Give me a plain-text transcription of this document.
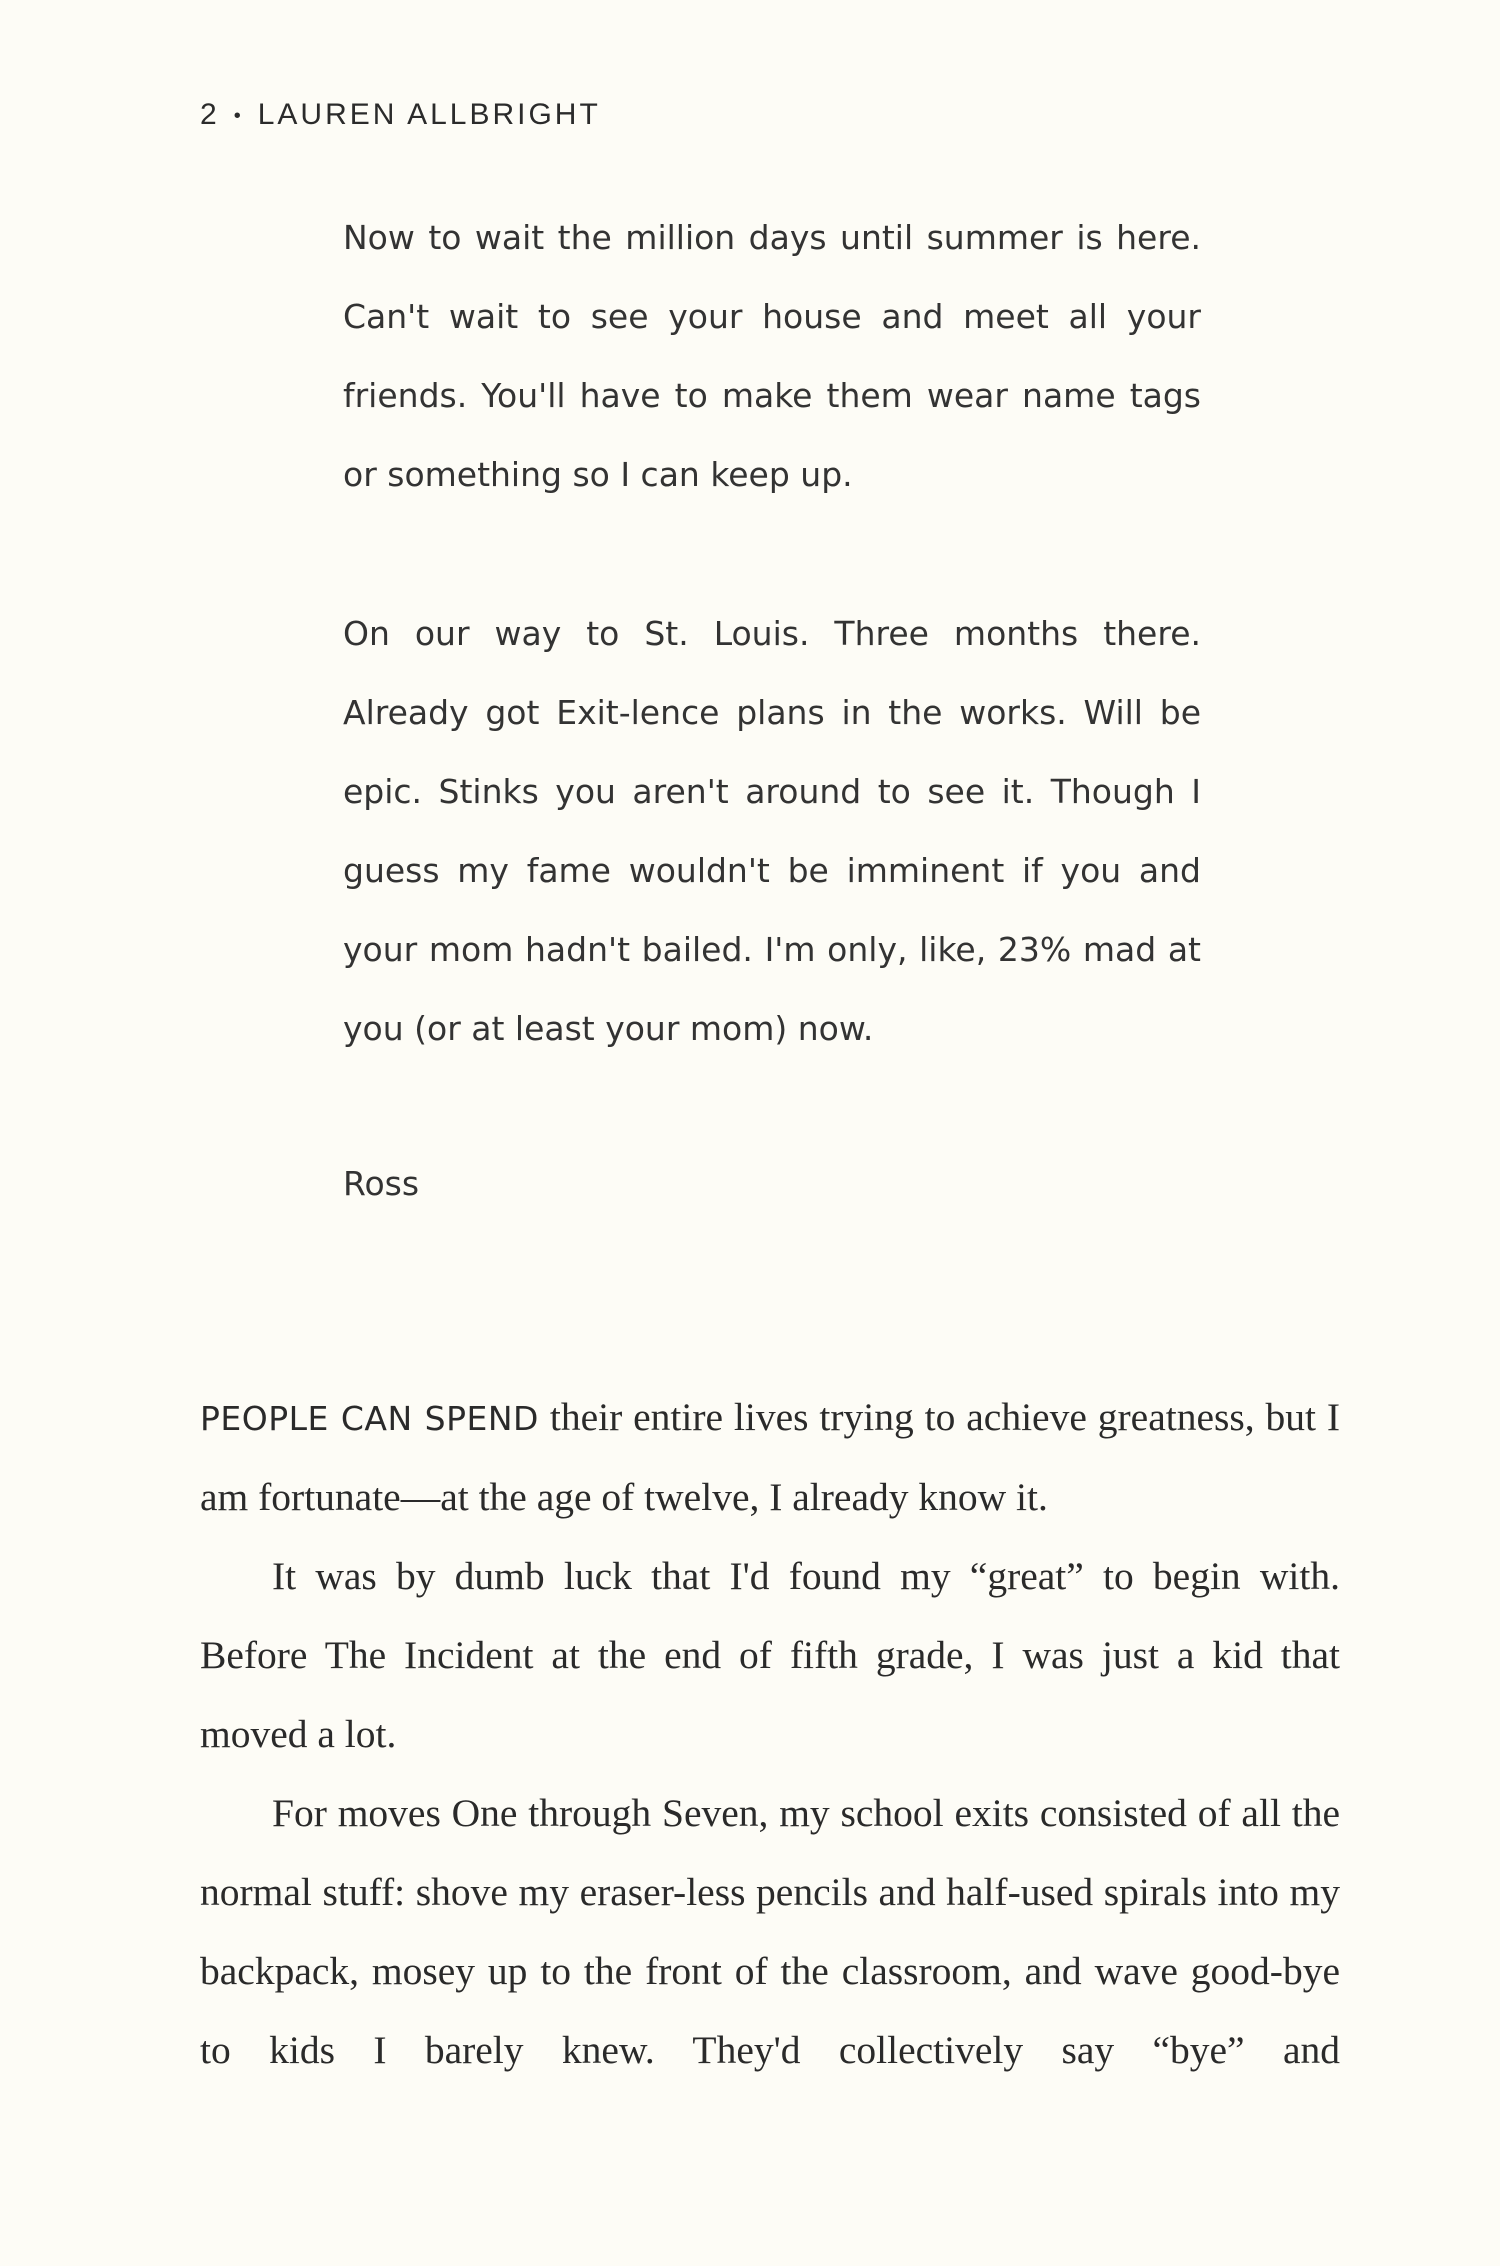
2 • LAUREN ALLBRIGHT

Now to wait the million days until summer is here. Can't wait to see your house and meet all your friends. You'll have to make them wear name tags or something so I can keep up.

On our way to St. Louis. Three months there. Already got Exit-lence plans in the works. Will be epic. Stinks you aren't around to see it. Though I guess my fame wouldn't be imminent if you and your mom hadn't bailed. I'm only, like, 23% mad at you (or at least your mom) now.

Ross

PEOPLE CAN SPEND their entire lives trying to achieve greatness, but I am fortunate—at the age of twelve, I already know it.

It was by dumb luck that I'd found my “great” to begin with. Before The Incident at the end of fifth grade, I was just a kid that moved a lot.

For moves One through Seven, my school exits consisted of all the normal stuff: shove my eraser-less pencils and half-used spirals into my backpack, mosey up to the front of the classroom, and wave good-bye to kids I barely knew. They'd collectively say “bye” and
